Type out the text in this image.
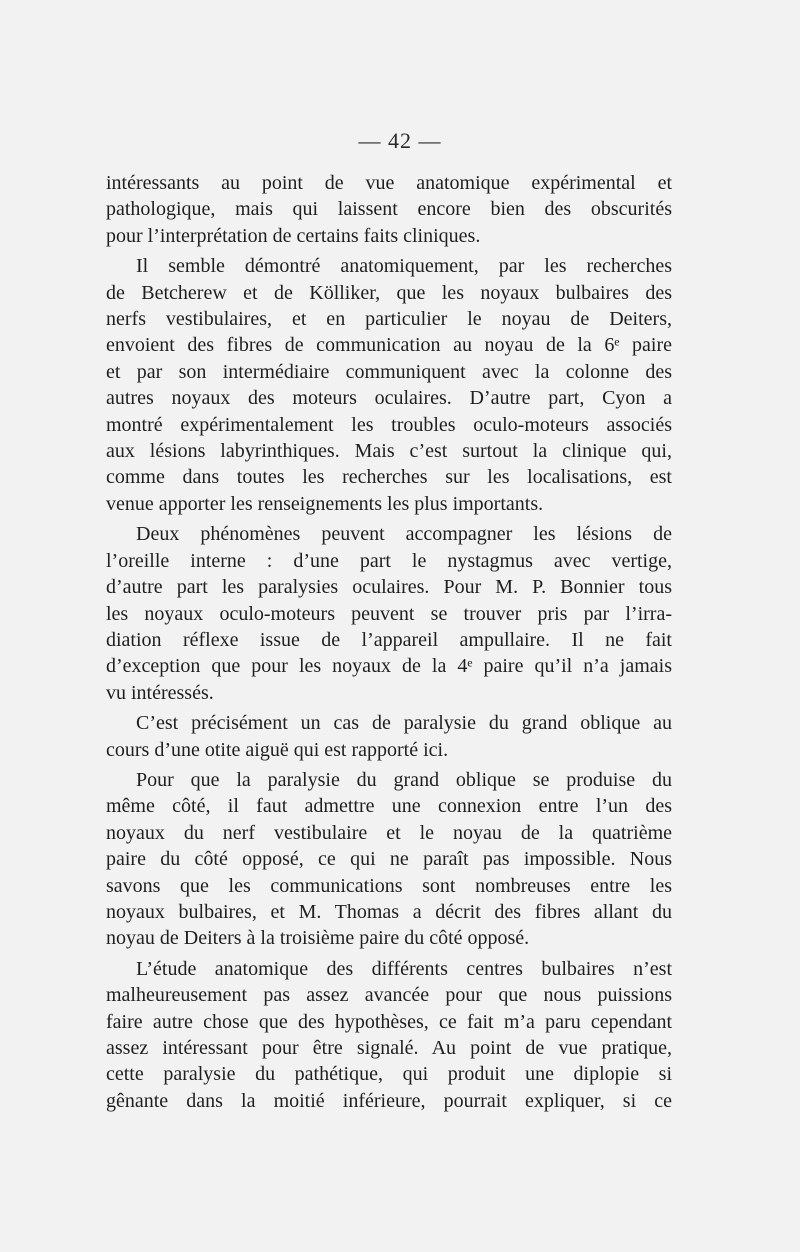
— 42 —

intéressants au point de vue anatomique expérimental et
pathologique, mais qui laissent encore bien des obscurités
pour l’interprétation de certains faits cliniques.

Il semble démontré anatomiquement, par les recherches
de Betcherew et de Kölliker, que les noyaux bulbaires des
nerfs vestibulaires, et en particulier le noyau de Deiters,
envoient des fibres de communication au noyau de la 6ᵉ paire
et par son intermédiaire communiquent avec la colonne des
autres noyaux des moteurs oculaires. D’autre part, Cyon a
montré expérimentalement les troubles oculo-moteurs associés
aux lésions labyrinthiques. Mais c’est surtout la clinique qui,
comme dans toutes les recherches sur les localisations, est
venue apporter les renseignements les plus importants.

Deux phénomènes peuvent accompagner les lésions de
l’oreille interne : d’une part le nystagmus avec vertige,
d’autre part les paralysies oculaires. Pour M. P. Bonnier tous
les noyaux oculo-moteurs peuvent se trouver pris par l’irra-
diation réflexe issue de l’appareil ampullaire. Il ne fait
d’exception que pour les noyaux de la 4ᵉ paire qu’il n’a jamais
vu intéressés.

C’est précisément un cas de paralysie du grand oblique au
cours d’une otite aiguë qui est rapporté ici.

Pour que la paralysie du grand oblique se produise du
même côté, il faut admettre une connexion entre l’un des
noyaux du nerf vestibulaire et le noyau de la quatrième
paire du côté opposé, ce qui ne paraît pas impossible. Nous
savons que les communications sont nombreuses entre les
noyaux bulbaires, et M. Thomas a décrit des fibres allant du
noyau de Deiters à la troisième paire du côté opposé.

L’étude anatomique des différents centres bulbaires n’est
malheureusement pas assez avancée pour que nous puissions
faire autre chose que des hypothèses, ce fait m’a paru cependant
assez intéressant pour être signalé. Au point de vue pratique,
cette paralysie du pathétique, qui produit une diplopie si
gênante dans la moitié inférieure, pourrait expliquer, si ce
